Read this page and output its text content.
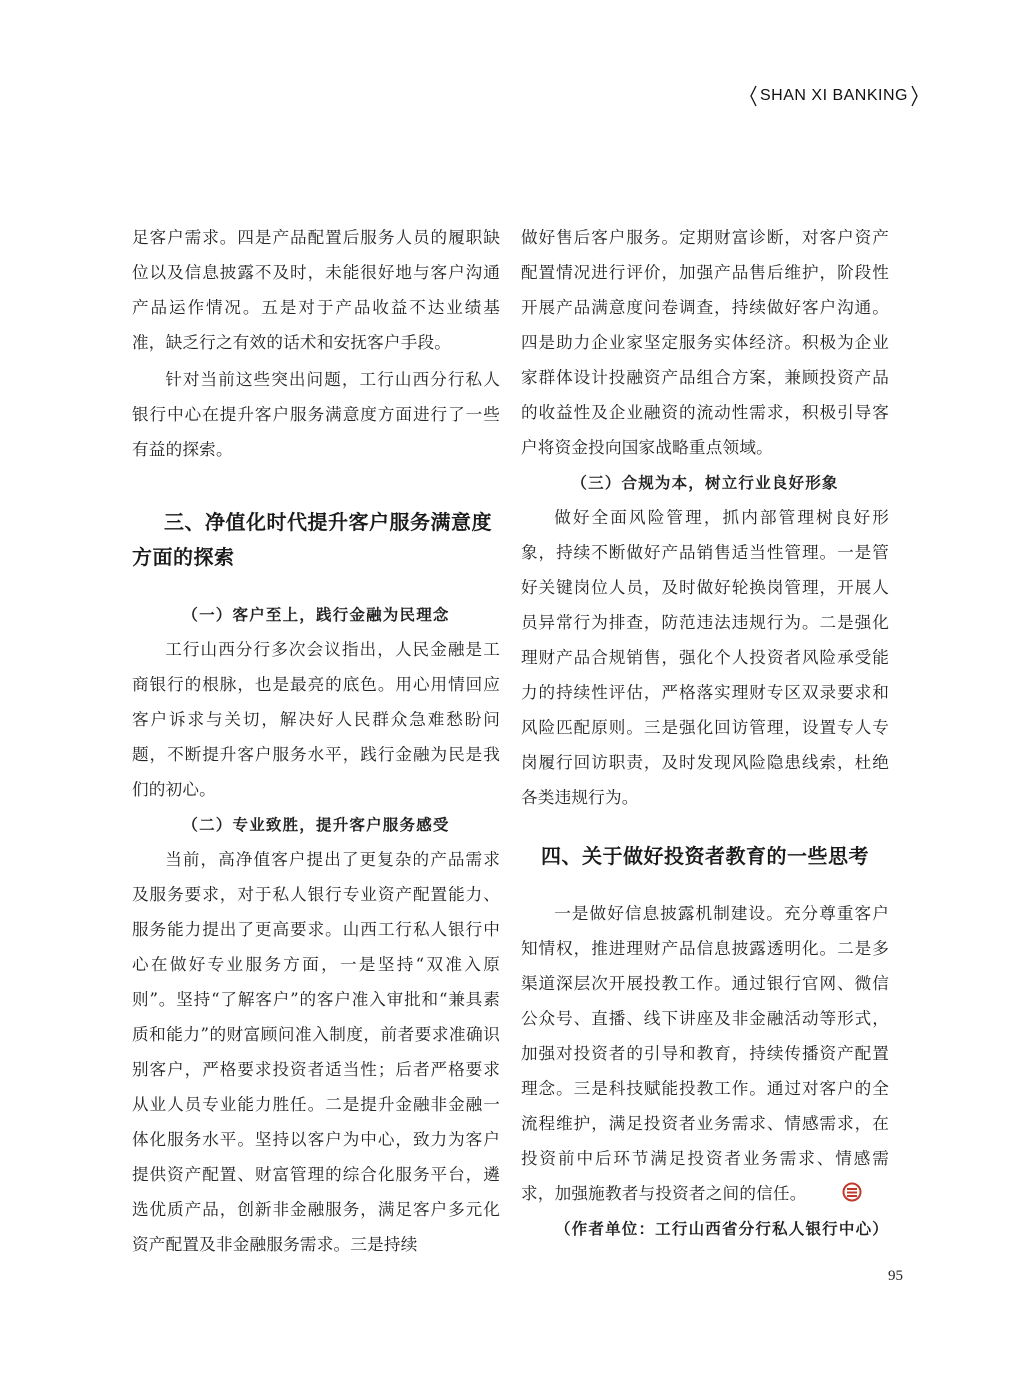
SHAN XI BANKING

足客户需求。四是产品配置后服务人员的履职缺位以及信息披露不及时，未能很好地与客户沟通产品运作情况。五是对于产品收益不达业绩基准，缺乏行之有效的话术和安抚客户手段。

针对当前这些突出问题，工行山西分行私人银行中心在提升客户服务满意度方面进行了一些有益的探索。

三、净值化时代提升客户服务满意度方面的探索
（一）客户至上，践行金融为民理念

工行山西分行多次会议指出，人民金融是工商银行的根脉，也是最亮的底色。用心用情回应客户诉求与关切，解决好人民群众急难愁盼问题，不断提升客户服务水平，践行金融为民是我们的初心。

（二）专业致胜，提升客户服务感受

当前，高净值客户提出了更复杂的产品需求及服务要求，对于私人银行专业资产配置能力、服务能力提出了更高要求。山西工行私人银行中心在做好专业服务方面，一是坚持“双准入原则”。坚持“了解客户”的客户准入审批和“兼具素质和能力”的财富顾问准入制度，前者要求准确识别客户，严格要求投资者适当性；后者严格要求从业人员专业能力胜任。二是提升金融非金融一体化服务水平。坚持以客户为中心，致力为客户提供资产配置、财富管理的综合化服务平台，遴选优质产品，创新非金融服务，满足客户多元化资产配置及非金融服务需求。三是持续

做好售后客户服务。定期财富诊断，对客户资产配置情况进行评价，加强产品售后维护，阶段性开展产品满意度问卷调查，持续做好客户沟通。四是助力企业家坚定服务实体经济。积极为企业家群体设计投融资产品组合方案，兼顾投资产品的收益性及企业融资的流动性需求，积极引导客户将资金投向国家战略重点领域。

（三）合规为本，树立行业良好形象

做好全面风险管理，抓内部管理树良好形象，持续不断做好产品销售适当性管理。一是管好关键岗位人员，及时做好轮换岗管理，开展人员异常行为排查，防范违法违规行为。二是强化理财产品合规销售，强化个人投资者风险承受能力的持续性评估，严格落实理财专区双录要求和风险匹配原则。三是强化回访管理，设置专人专岗履行回访职责，及时发现风险隐患线索，杜绝各类违规行为。

四、关于做好投资者教育的一些思考

一是做好信息披露机制建设。充分尊重客户知情权，推进理财产品信息披露透明化。二是多渠道深层次开展投教工作。通过银行官网、微信公众号、直播、线下讲座及非金融活动等形式，加强对投资者的引导和教育，持续传播资产配置理念。三是科技赋能投教工作。通过对客户的全流程维护，满足投资者业务需求、情感需求，在投资前中后环节满足投资者业务需求、情感需求，加强施教者与投资者之间的信任。

（作者单位：工行山西省分行私人银行中心）

95
